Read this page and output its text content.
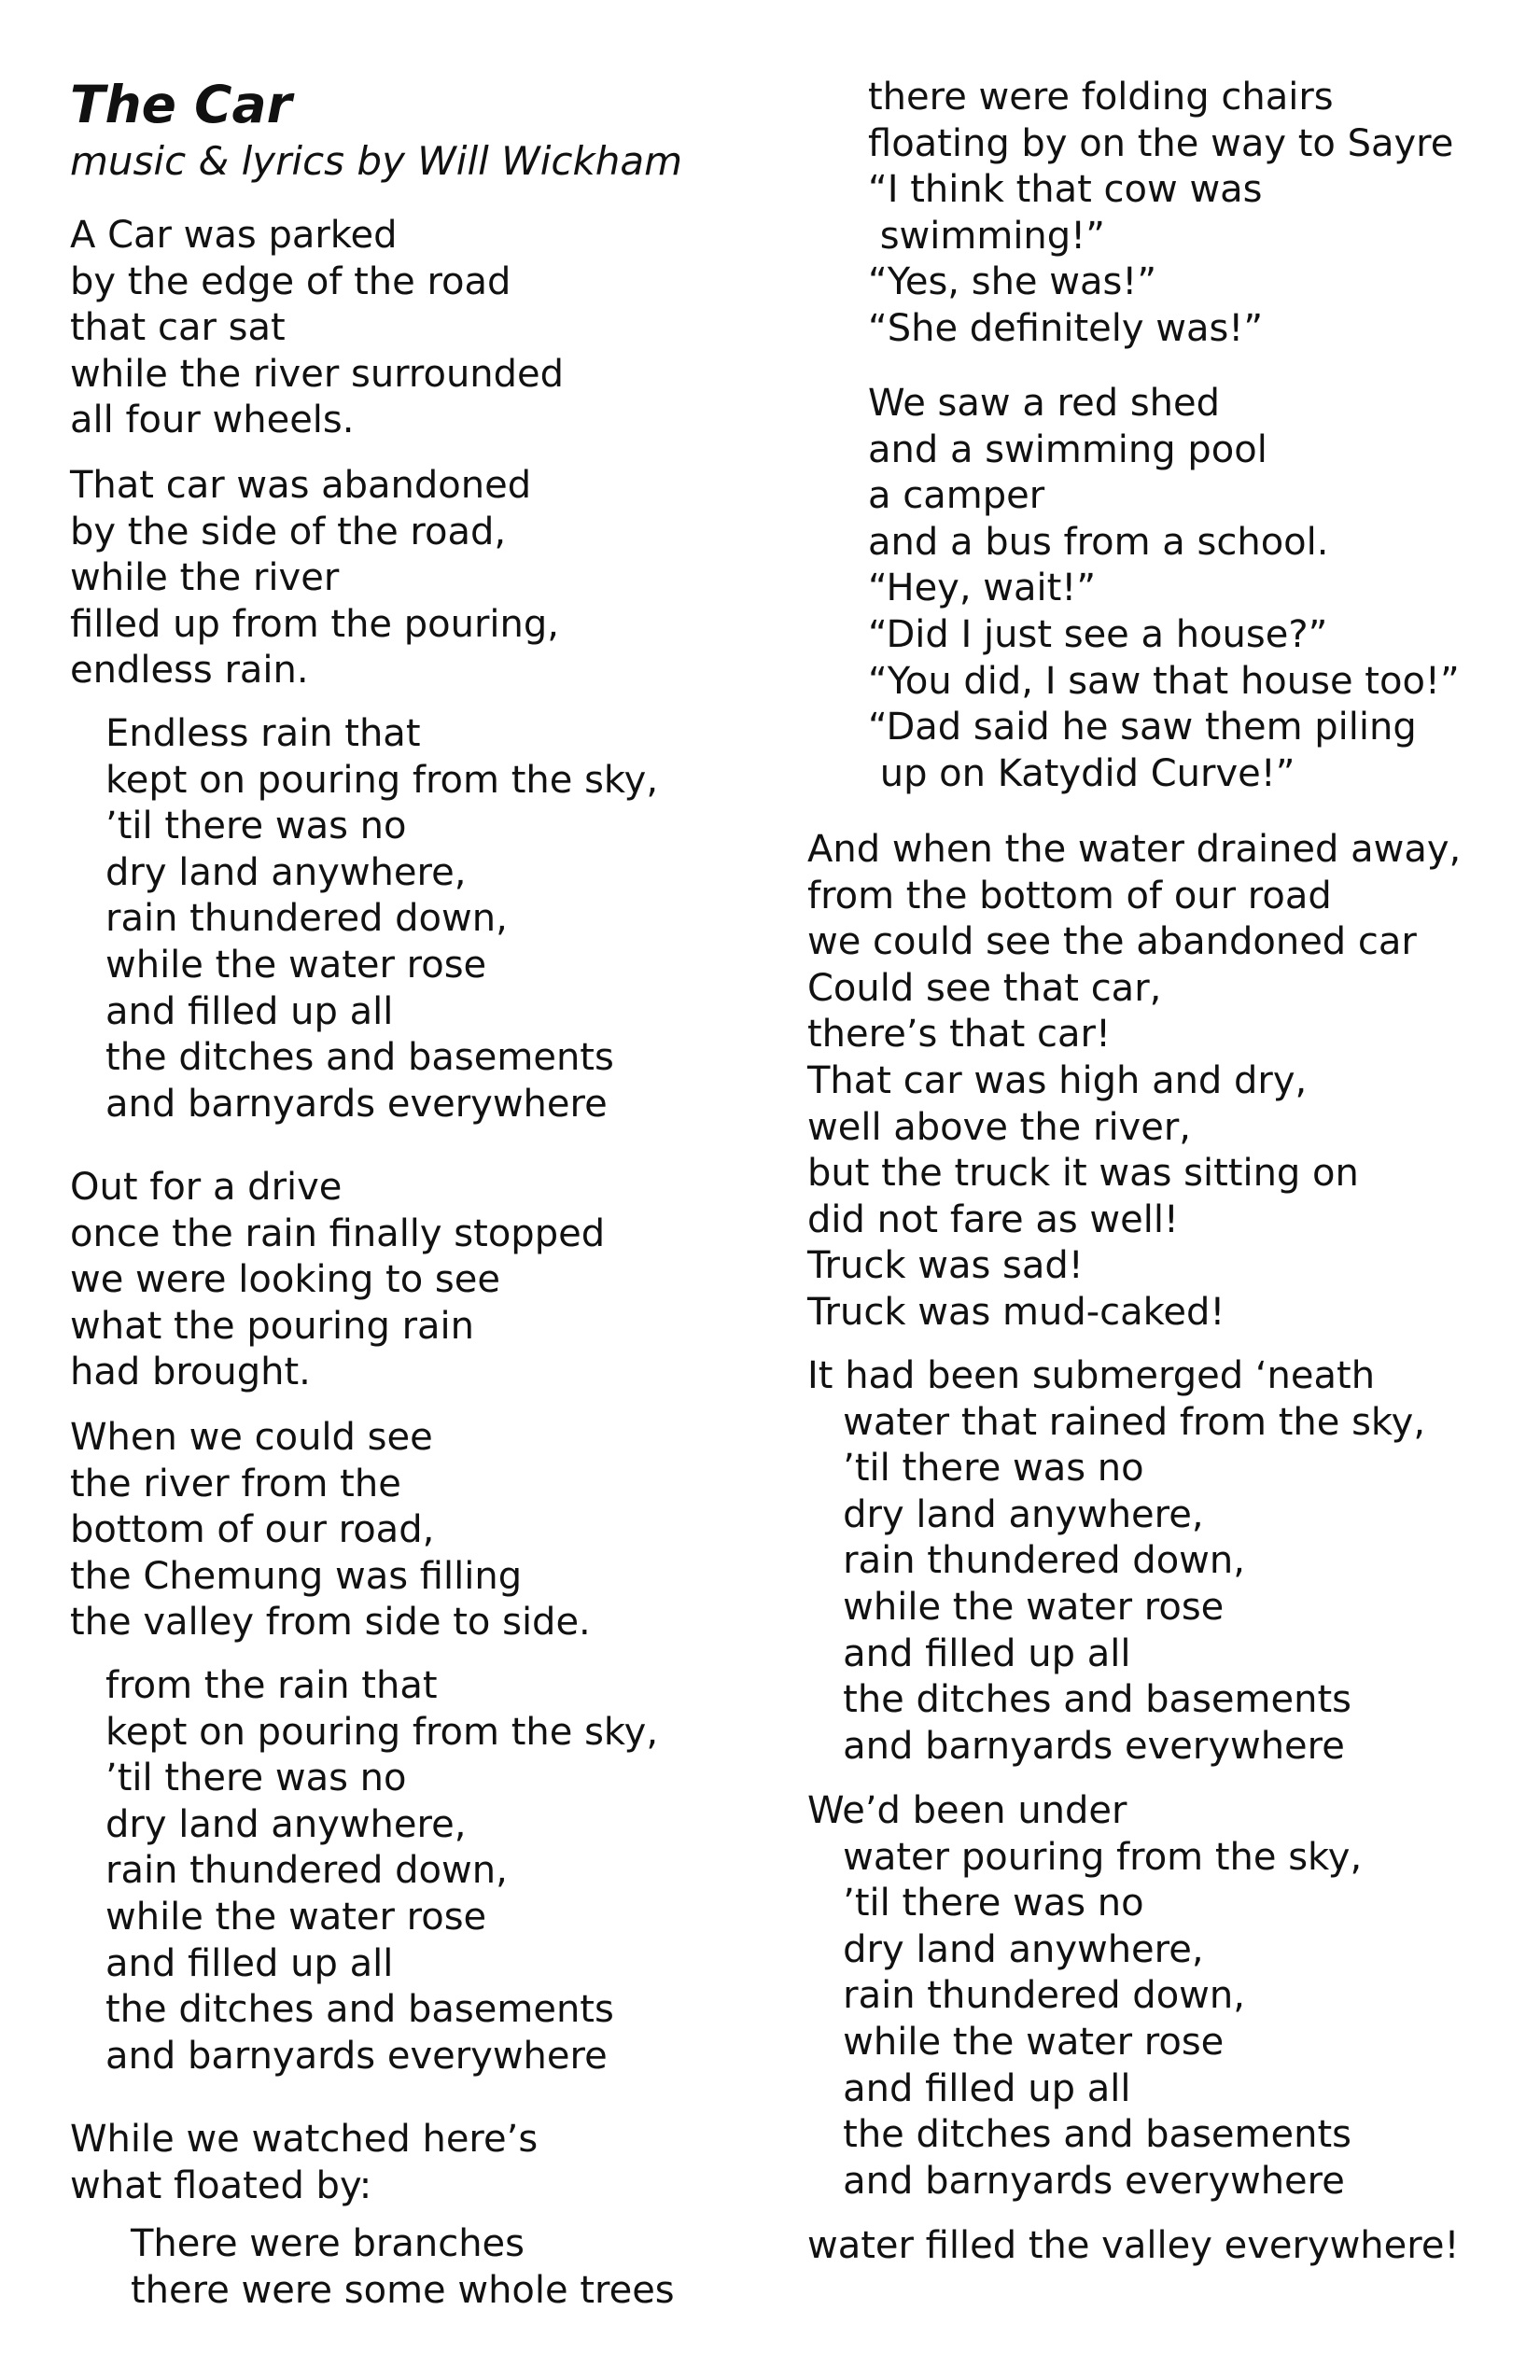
The Car
music & lyrics by Will Wickham
A Car was parked
by the edge of the road
that car sat
while the river surrounded
all four wheels.
That car was abandoned
by the side of the road,
while the river
filled up from the pouring,
endless rain.
Endless rain that
kept on pouring from the sky,
’til there was no
dry land anywhere,
rain thundered down,
while the water rose
and filled up all
the ditches and basements
and barnyards everywhere
Out for a drive
once the rain finally stopped
we were looking to see
what the pouring rain
had brought.
When we could see
the river from the
bottom of our road,
the Chemung was filling
the valley from side to side.
from the rain that
kept on pouring from the sky,
’til there was no
dry land anywhere,
rain thundered down,
while the water rose
and filled up all
the ditches and basements
and barnyards everywhere
While we watched here’s
what floated by:
There were branches
there were some whole trees
there were folding chairs
floating by on the way to Sayre
“I think that cow was
swimming!”
“Yes, she was!”
“She definitely was!”
We saw a red shed
and a swimming pool
a camper
and a bus from a school.
“Hey, wait!”
“Did I just see a house?”
“You did, I saw that house too!”
“Dad said he saw them piling
up on Katydid Curve!”
And when the water drained away,
from the bottom of our road
we could see the abandoned car
Could see that car,
there’s that car!
That car was high and dry,
well above the river,
but the truck it was sitting on
did not fare as well!
Truck was sad!
Truck was mud-caked!
It had been submerged ‘neath
water that rained from the sky,
’til there was no
dry land anywhere,
rain thundered down,
while the water rose
and filled up all
the ditches and basements
and barnyards everywhere
We’d been under
water pouring from the sky,
’til there was no
dry land anywhere,
rain thundered down,
while the water rose
and filled up all
the ditches and basements
and barnyards everywhere
water filled the valley everywhere!
